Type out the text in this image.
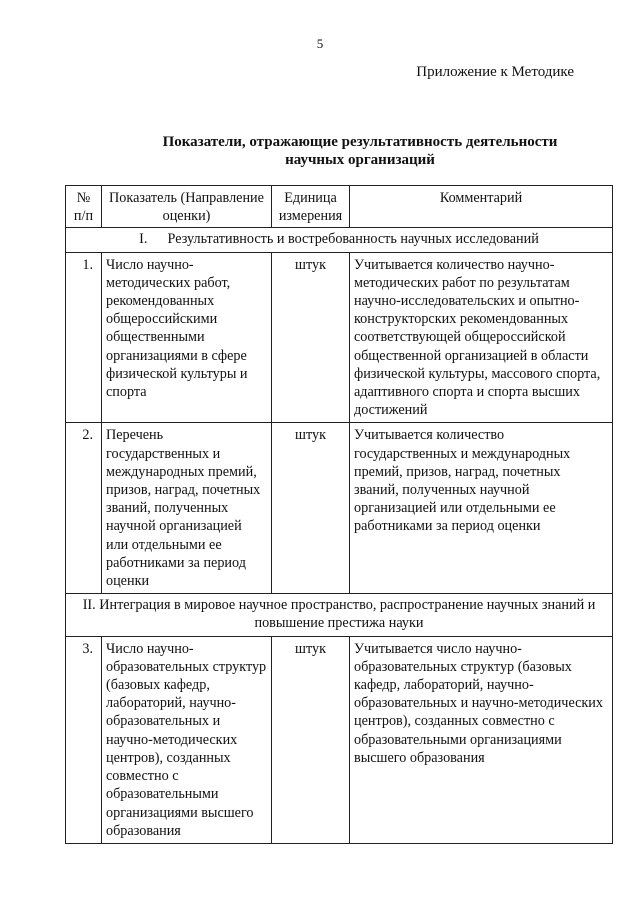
5
Приложение к Методике
Показатели, отражающие результативность деятельности
научных организаций
№ п/п	Показатель (Направление оценки)	Единица измерения	Комментарий
I.	Результативность и востребованность научных исследований			
1.	Число научно-методических работ, рекомендованных общероссийскими общественными организациями в сфере физической культуры и спорта	штук	Учитывается количество научно-методических работ по результатам научно-исследовательских и опытно-конструкторских рекомендованных соответствующей общероссийской общественной организацией в области физической культуры, массового спорта, адаптивного спорта и спорта высших достижений
2.	Перечень государственных и международных премий, призов, наград, почетных званий, полученных научной организацией или отдельными ее работниками за период оценки	штук	Учитывается количество государственных и международных премий, призов, наград, почетных званий, полученных научной организацией или отдельными ее работниками за период оценки
II. Интеграция в мировое научное пространство, распространение научных знаний и повышение престижа науки			
3.	Число научно-образовательных структур (базовых кафедр, лабораторий, научно-образовательных и научно-методических центров), созданных совместно с образовательными организациями высшего образования	штук	Учитывается число научно-образовательных структур (базовых кафедр, лабораторий, научно-образовательных и научно-методических центров), созданных совместно с образовательными организациями высшего образования
